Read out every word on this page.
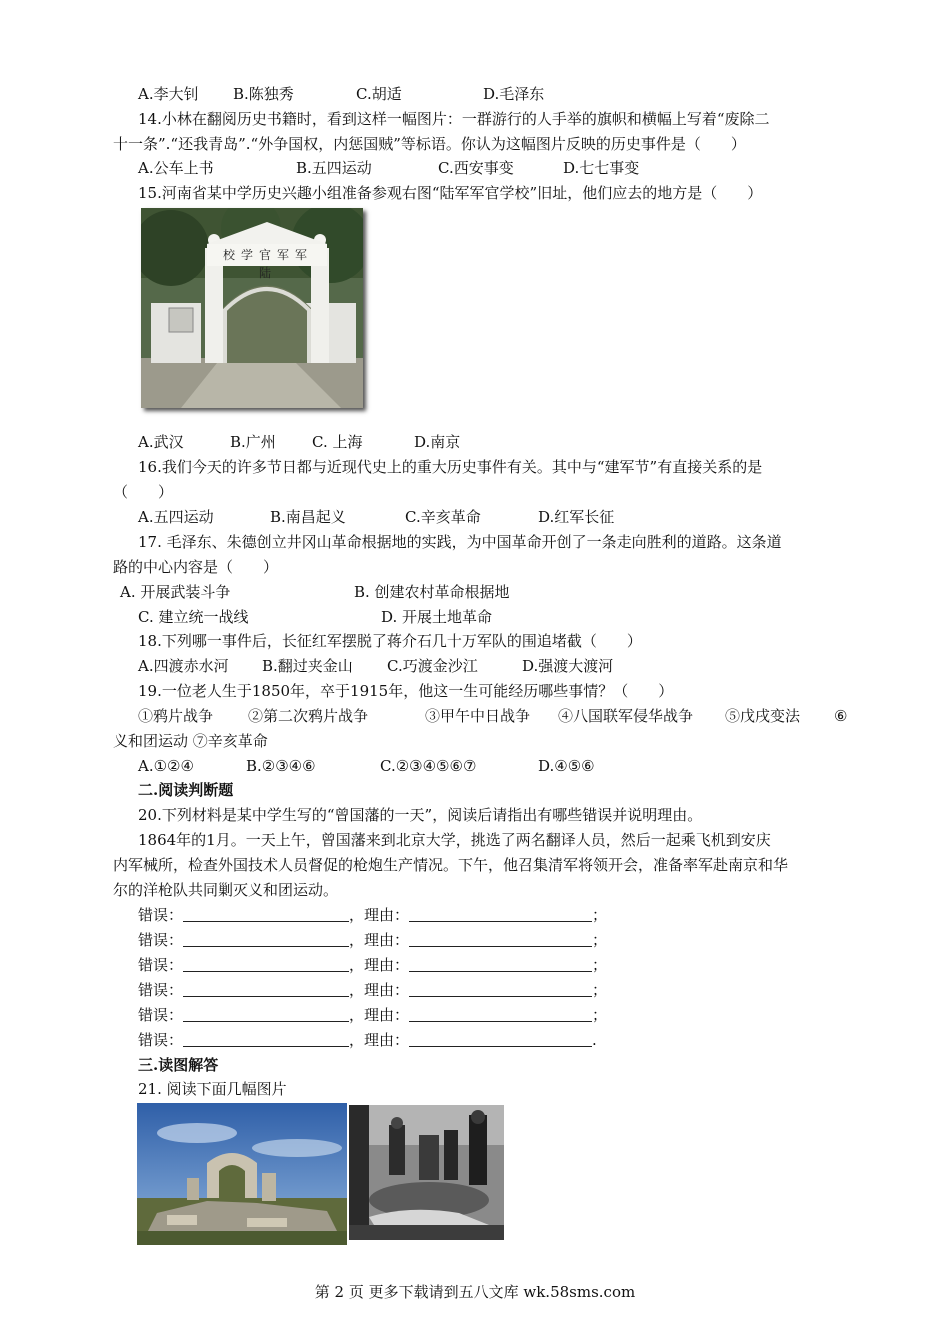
A.李大钊 B.陈独秀	C.胡适	D.毛泽东
14.小林在翻阅历史书籍时，看到这样一幅图片：一群游行的人手举的旗帜和横幅上写着“废除二
十一条”.“还我青岛”.“外争国权，内惩国贼”等标语。你认为这幅图片反映的历史事件是（　　）
A.公车上书	B.五四运动	C.西安事变	D.七七事变
15.河南省某中学历史兴趣小组准备参观右图“陆军军官学校”旧址，他们应去的地方是（　　）
校学官军军陆
A.武汉	B.广州 C. 上海	D.南京
16.我们今天的许多节日都与近现代史上的重大历史事件有关。其中与“建军节”有直接关系的是
（　　）
A.五四运动	B.南昌起义	C.辛亥革命	D.红军长征
17. 毛泽东、朱德创立井冈山革命根据地的实践，为中国革命开创了一条走向胜利的道路。这条道
路的中心内容是（　　）
A. 开展武装斗争	B. 创建农村革命根据地
C. 建立统一战线	D. 开展土地革命
18.下列哪一事件后，长征红军摆脱了蒋介石几十万军队的围追堵截（　　）
A.四渡赤水河 B.翻过夹金山 C.巧渡金沙江	D.强渡大渡河
19.一位老人生于1850年，卒于1915年，他这一生可能经历哪些事情？（　　）
①鸦片战争 ②第二次鸦片战争	③甲午中日战争 ④八国联军侵华战争 ⑤戊戌变法 ⑥
义和团运动 ⑦辛亥革命
A.①②④	B.②③④⑥	C.②③④⑤⑥⑦	D.④⑤⑥
二.阅读判断题
20.下列材料是某中学生写的“曾国藩的一天”，阅读后请指出有哪些错误并说明理由。
1864年的1月。一天上午，曾国藩来到北京大学，挑选了两名翻译人员，然后一起乘飞机到安庆
内军械所，检查外国技术人员督促的枪炮生产情况。下午，他召集清军将领开会，准备率军赴南京和华
尔的洋枪队共同剿灭义和团运动。
错误：	，理由：	；
错误：	，理由：	；
错误：	，理由：	；
错误：	，理由：	；
错误：	，理由：	；
错误：	，理由：	.
三.读图解答
21. 阅读下面几幅图片
第 2 页 更多下载请到五八文库 wk.58sms.com
